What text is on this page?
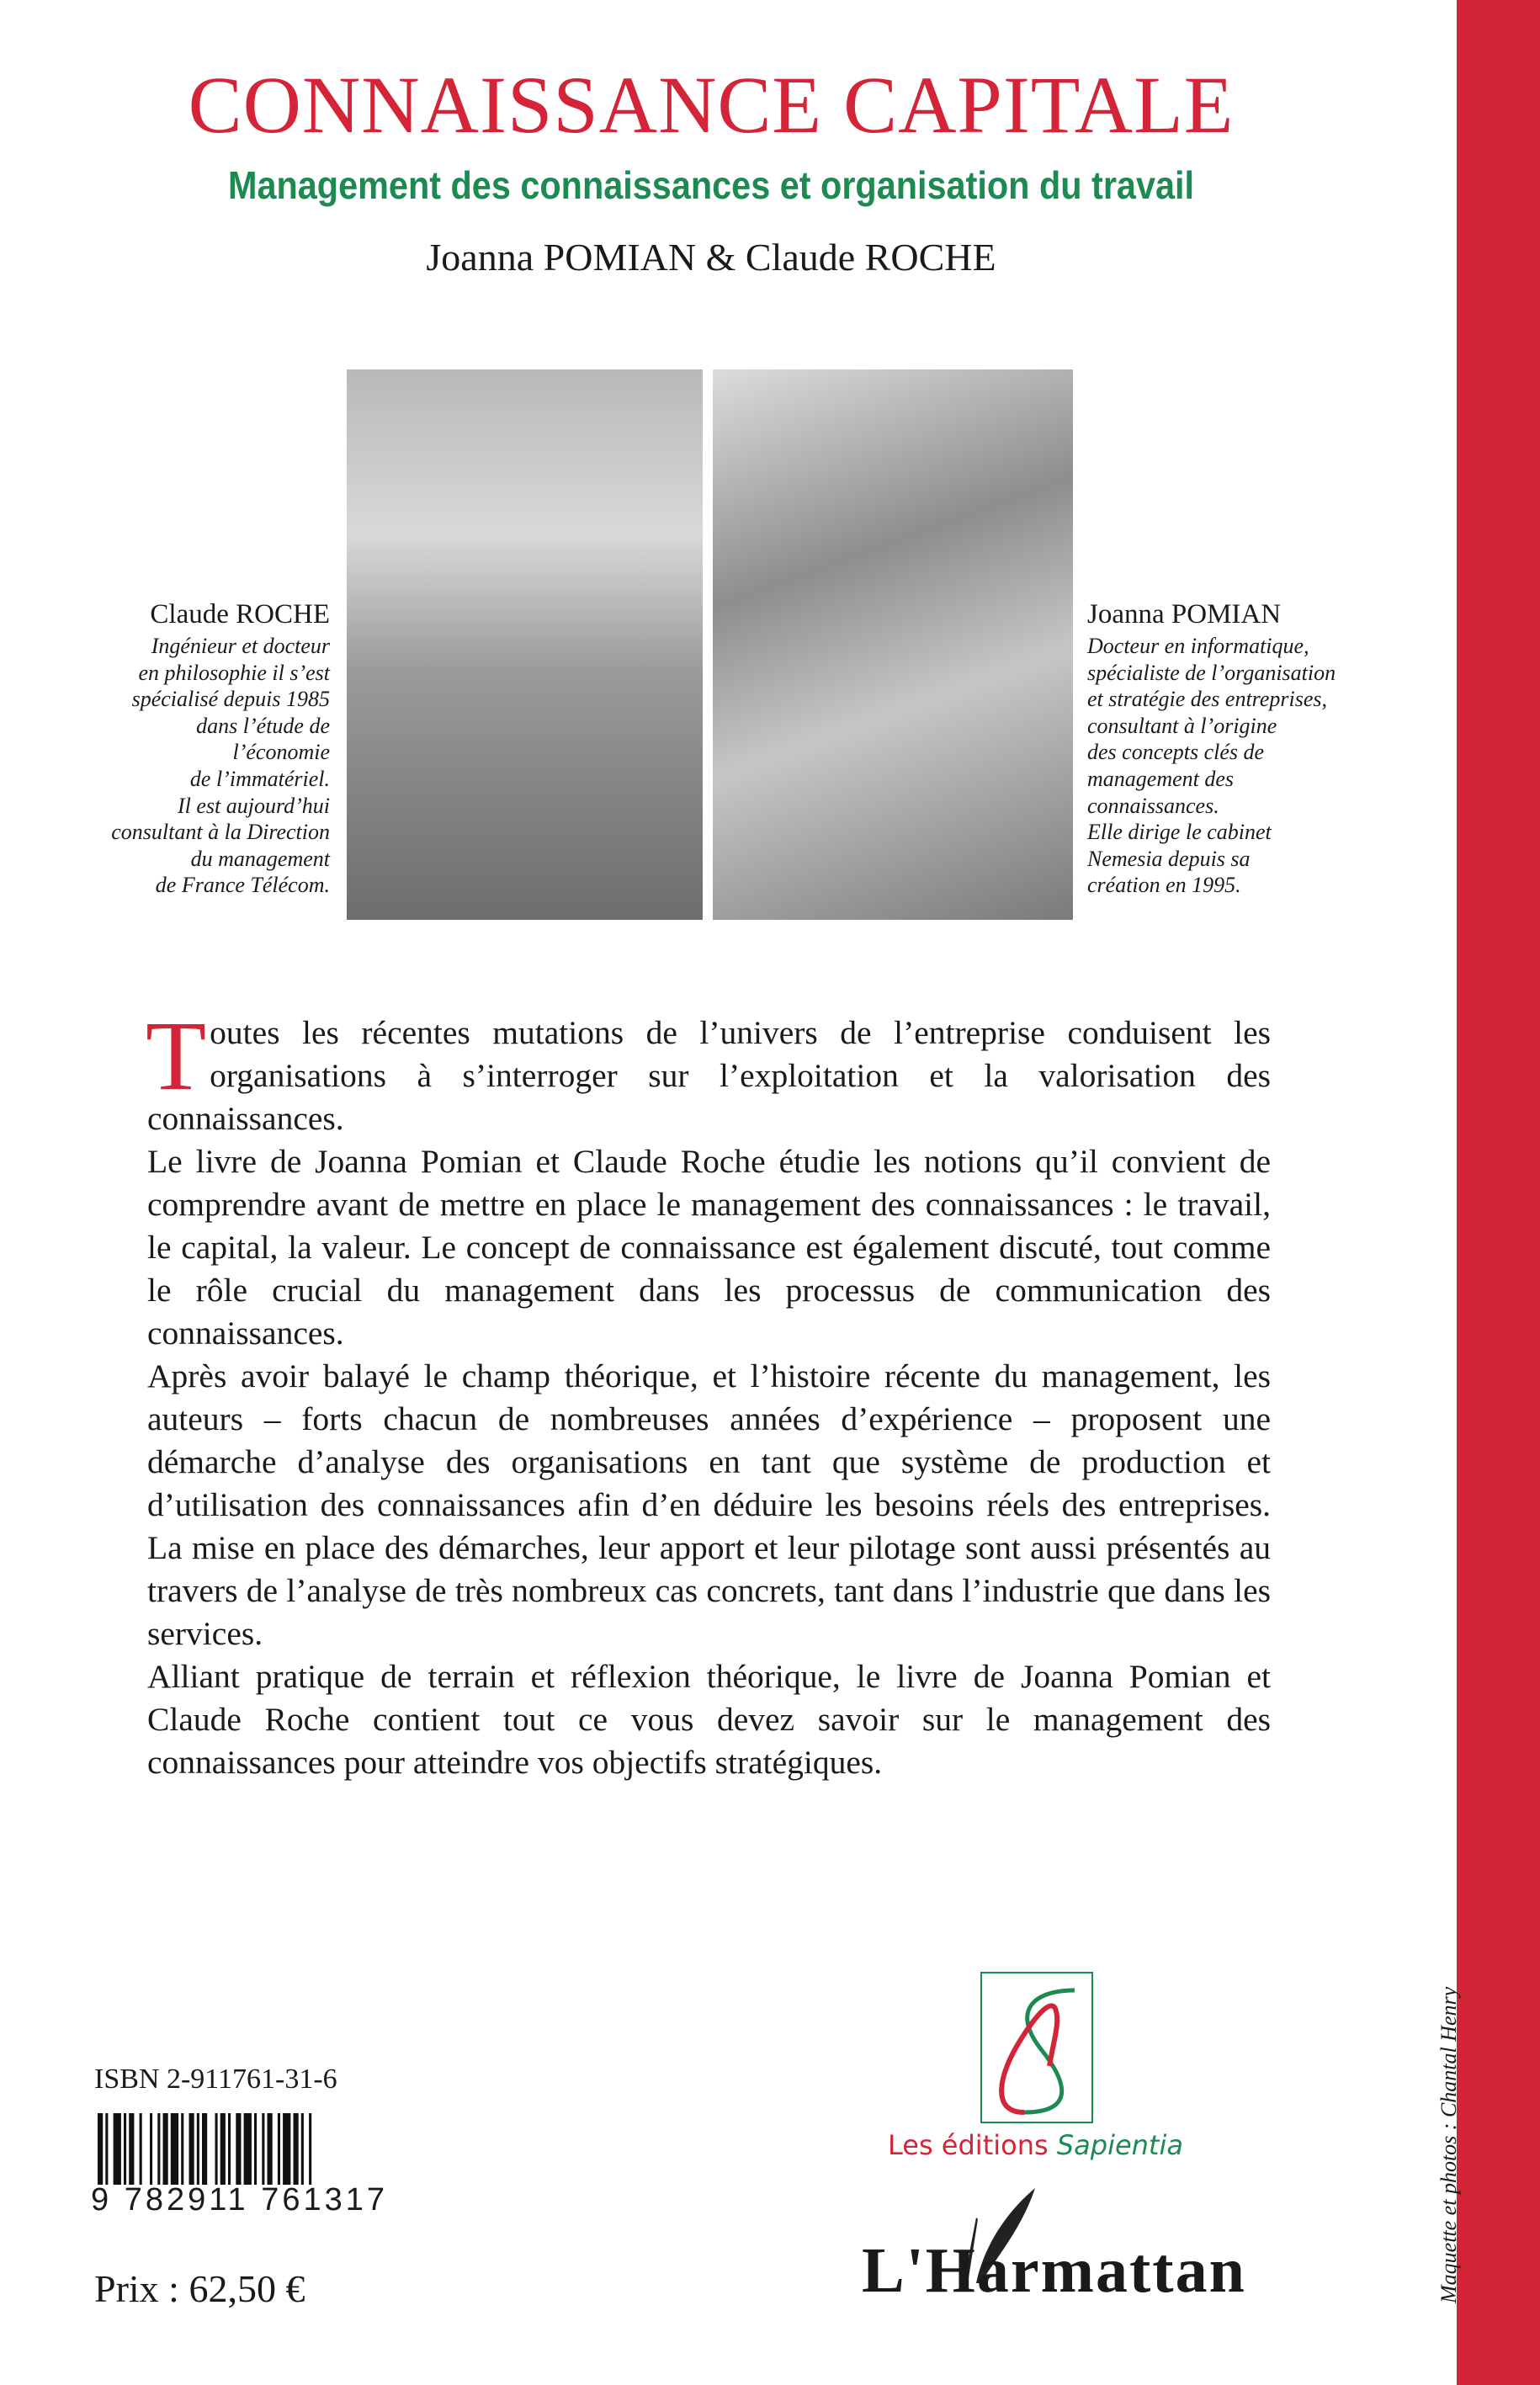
CONNAISSANCE CAPITALE
Management des connaissances et organisation du travail
Joanna POMIAN & Claude ROCHE
Claude ROCHE
Ingénieur et docteur
en philosophie il s’est
spécialisé depuis 1985
dans l’étude de
l’économie
de l’immatériel.
Il est aujourd’hui
consultant à la Direction
du management
de France Télécom.
Joanna POMIAN
Docteur en informatique,
spécialiste de l’organisation
et stratégie des entreprises,
consultant à l’origine
des concepts clés de
management des
connaissances.
Elle dirige le cabinet
Nemesia depuis sa
création en 1995.

Toutes les récentes mutations de l’univers de l’entreprise conduisent les organisations à s’interroger sur l’exploitation et la valorisation des connaissances.

Le livre de Joanna Pomian et Claude Roche étudie les notions qu’il convient de comprendre avant de mettre en place le management des connaissances : le travail, le capital, la valeur. Le concept de connaissance est également discuté, tout comme le rôle crucial du management dans les processus de communication des connaissances.

Après avoir balayé le champ théorique, et l’histoire récente du management, les auteurs – forts chacun de nombreuses années d’expérience – proposent une démarche d’analyse des organisations en tant que système de production et d’utilisation des connaissances afin d’en déduire les besoins réels des entreprises. La mise en place des démarches, leur apport et leur pilotage sont aussi présentés au travers de l’analyse de très nombreux cas concrets, tant dans l’industrie que dans les services.

Alliant pratique de terrain et réflexion théorique, le livre de Joanna Pomian et Claude Roche contient tout ce vous devez savoir sur le management des connaissances pour atteindre vos objectifs stratégiques.

ISBN 2-911761-31-6
9 782911 761317
Prix : 62,50 €
Les éditions Sapientia
L'Harmattan	Maquette et photos : Chantal Henry
